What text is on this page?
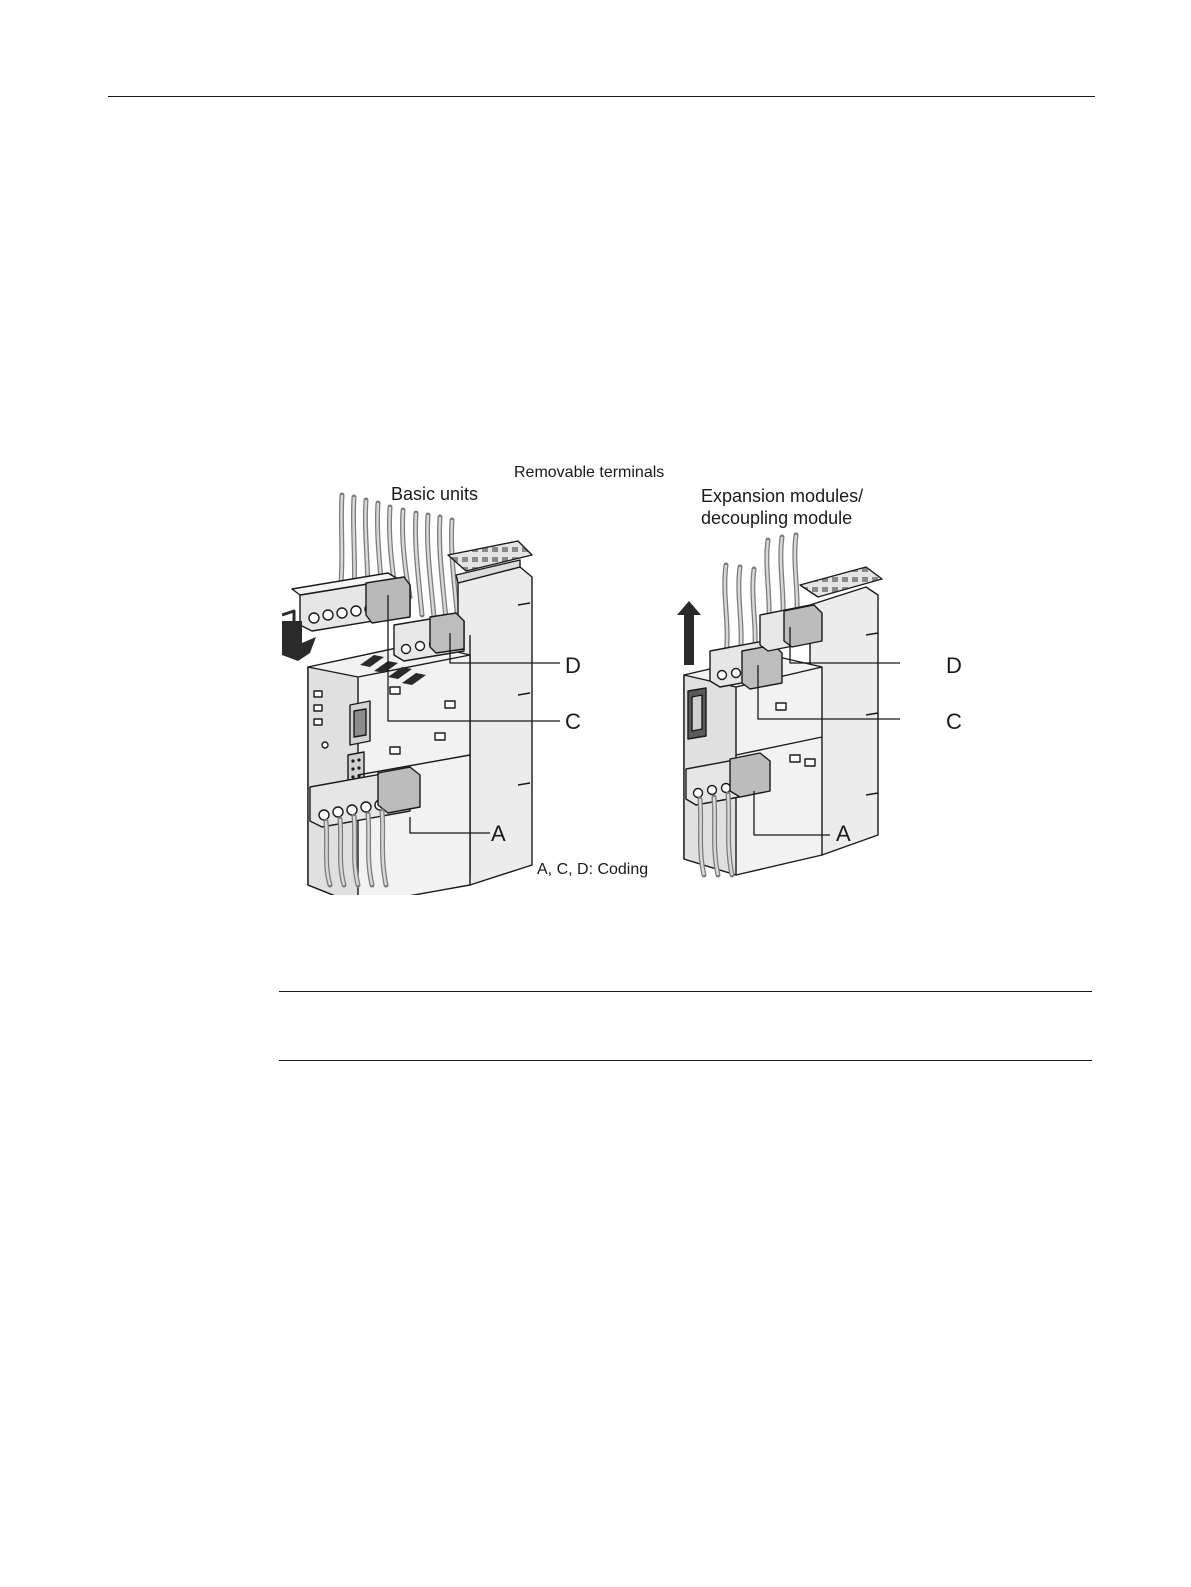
Removable terminals
Basic units	Expansion modules/
decoupling module
D
C
A
D
C
A
A, C, D: Coding
